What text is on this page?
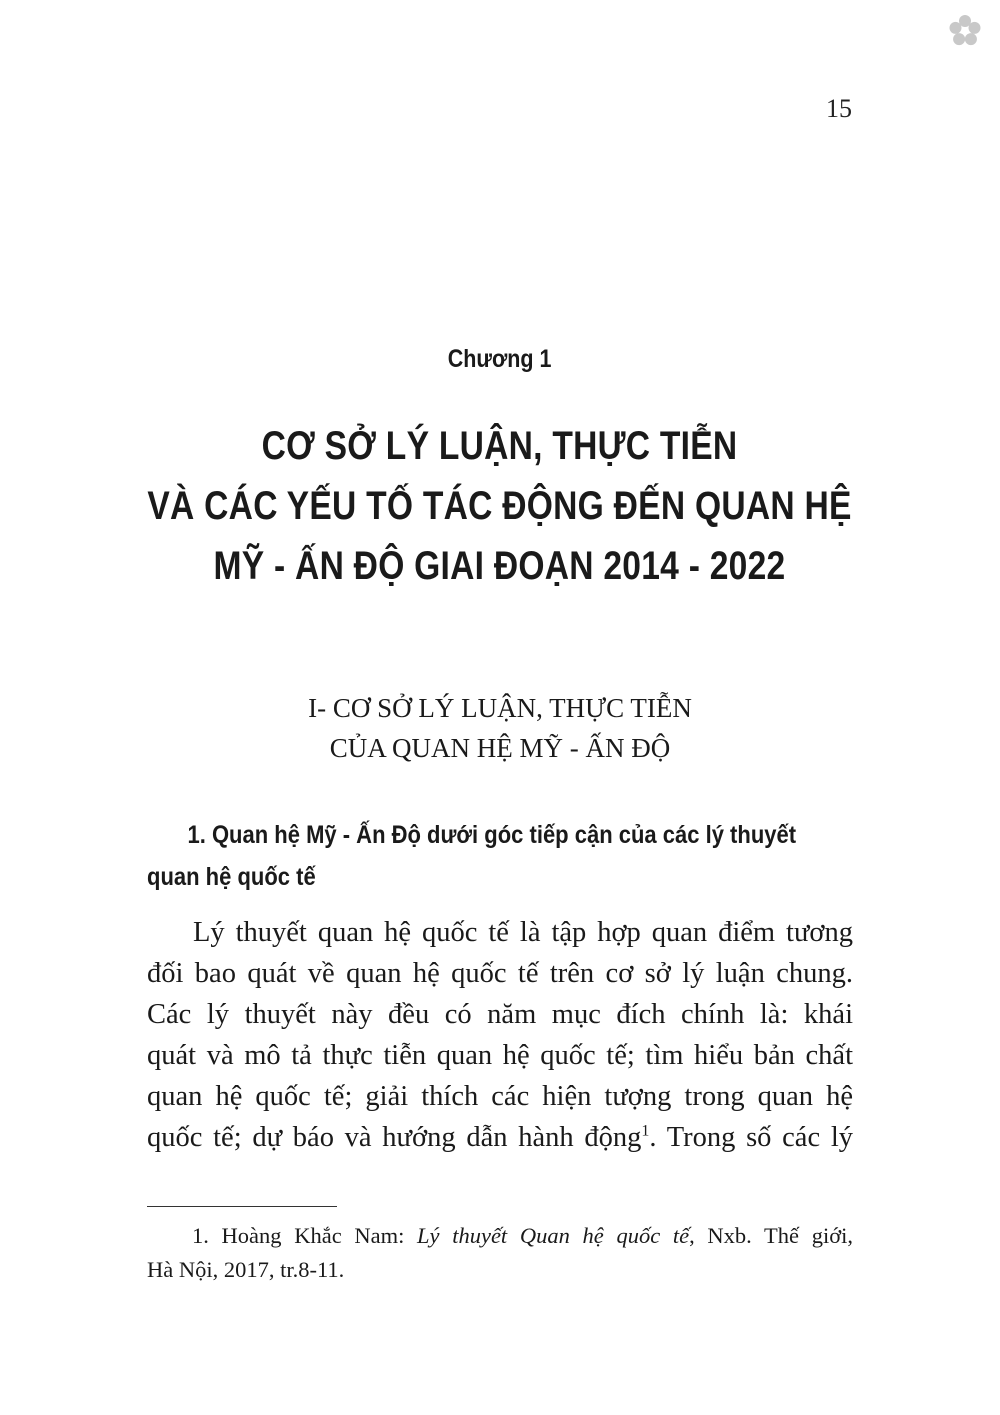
15
Chương 1
CƠ SỞ LÝ LUẬN, THỰC TIỄN
VÀ CÁC YẾU TỐ TÁC ĐỘNG ĐẾN QUAN HỆ
MỸ - ẤN ĐỘ GIAI ĐOẠN 2014 - 2022
I- CƠ SỞ LÝ LUẬN, THỰC TIỄN
CỦA QUAN HỆ MỸ - ẤN ĐỘ
1. Quan hệ Mỹ - Ấn Độ dưới góc tiếp cận của các lý thuyết
quan hệ quốc tế
Lý thuyết quan hệ quốc tế là tập hợp quan điểm tương
đối bao quát về quan hệ quốc tế trên cơ sở lý luận chung.
Các lý thuyết này đều có năm mục đích chính là: khái
quát và mô tả thực tiễn quan hệ quốc tế; tìm hiểu bản chất
quan hệ quốc tế; giải thích các hiện tượng trong quan hệ
quốc tế; dự báo và hướng dẫn hành động$^1$. Trong số các lý
1. Hoàng Khắc Nam: Lý thuyết Quan hệ quốc tế, Nxb. Thế giới,
Hà Nội, 2017, tr.8-11.
